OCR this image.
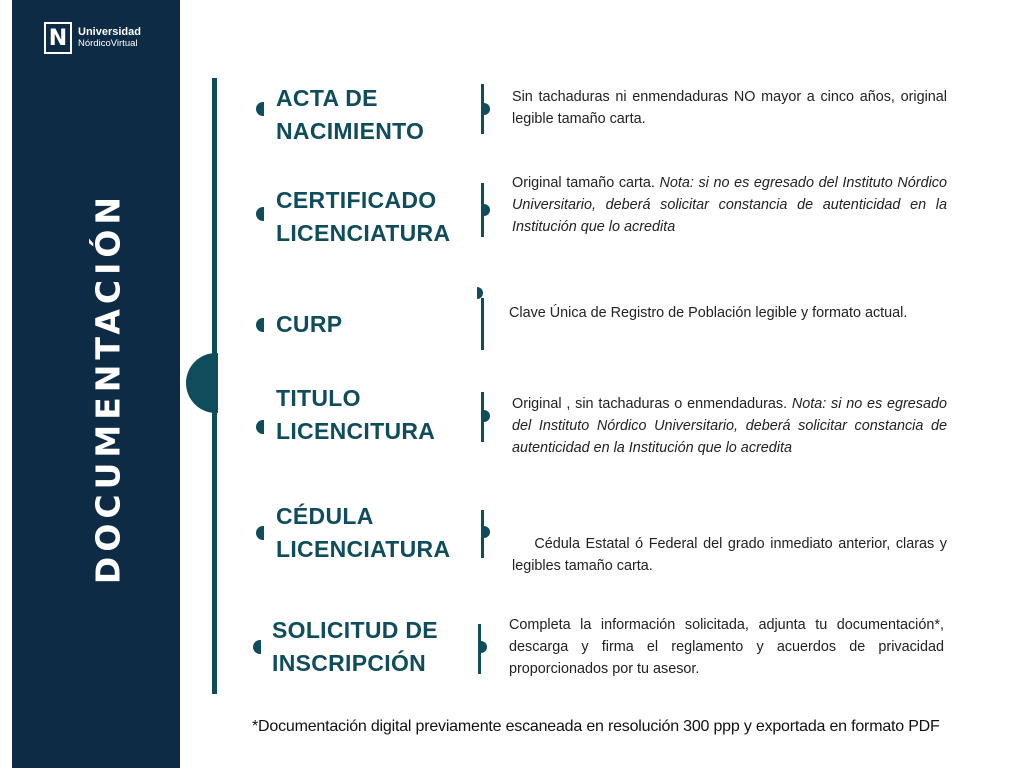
N Universidad
NórdicoVirtual
DOCUMENTACIÓN
ACTA DE
NACIMIENTO
Sin tachaduras ni enmendaduras NO mayor a cinco años, original legible tamaño carta.
CERTIFICADO
LICENCIATURA
Original tamaño carta. Nota: si no es egresado del Instituto Nórdico Universitario, deberá solicitar constancia de autenticidad en la Institución que lo acredita
CURP	Clave Única de Registro de Población legible y formato actual.
TITULO
LICENCITURA
Original , sin tachaduras o enmendaduras. Nota: si no es egresado del Instituto Nórdico Universitario, deberá solicitar constancia de autenticidad en la Institución que lo acredita
CÉDULA
LICENCIATURA	Cédula Estatal ó Federal del grado inmediato anterior, claras y legibles tamaño carta.

SOLICITUD DE
INSCRIPCIÓN
Completa la información solicitada, adjunta tu documentación*, descarga y firma el reglamento y acuerdos de privacidad proporcionados por tu asesor.
*Documentación digital previamente escaneada en resolución 300 ppp y exportada en formato PDF
